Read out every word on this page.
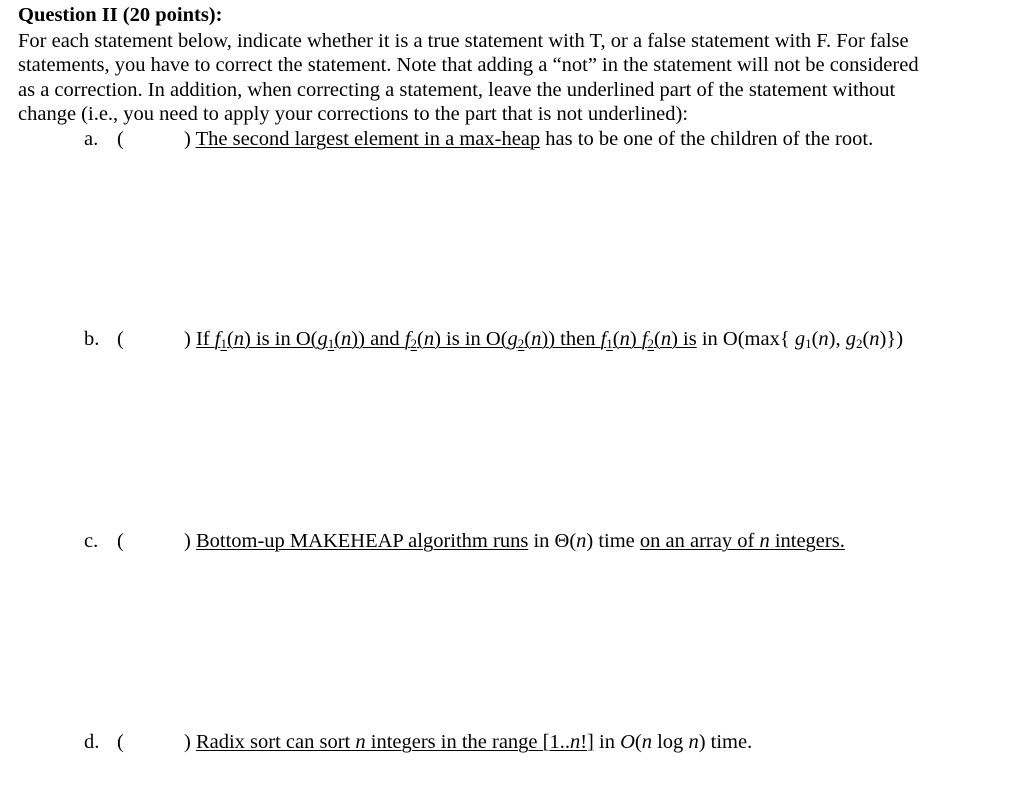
Question II (20 points):
For each statement below, indicate whether it is a true statement with T, or a false statement with F. For false
statements, you have to correct the statement. Note that adding a “not” in the statement will not be considered
as a correction. In addition, when correcting a statement, leave the underlined part of the statement without
change (i.e., you need to apply your corrections to the part that is not underlined):
a. (	) The second largest element in a max-heap has to be one of the children of the root.
b. (	) If $f_1(n)$ is in $O(g_1(n))$ and $f_2(n)$ is in $O(g_2(n))$ then $f_1(n)$ $f_2(n)$ is in O(max{ $g_1(n)$, $g_2(n)$})
c. (	) Bottom-up MAKEHEAP algorithm runs in Θ(n) time on an array of n integers.
d. (	) Radix sort can sort n integers in the range [1..n!] in O(n log n) time.
